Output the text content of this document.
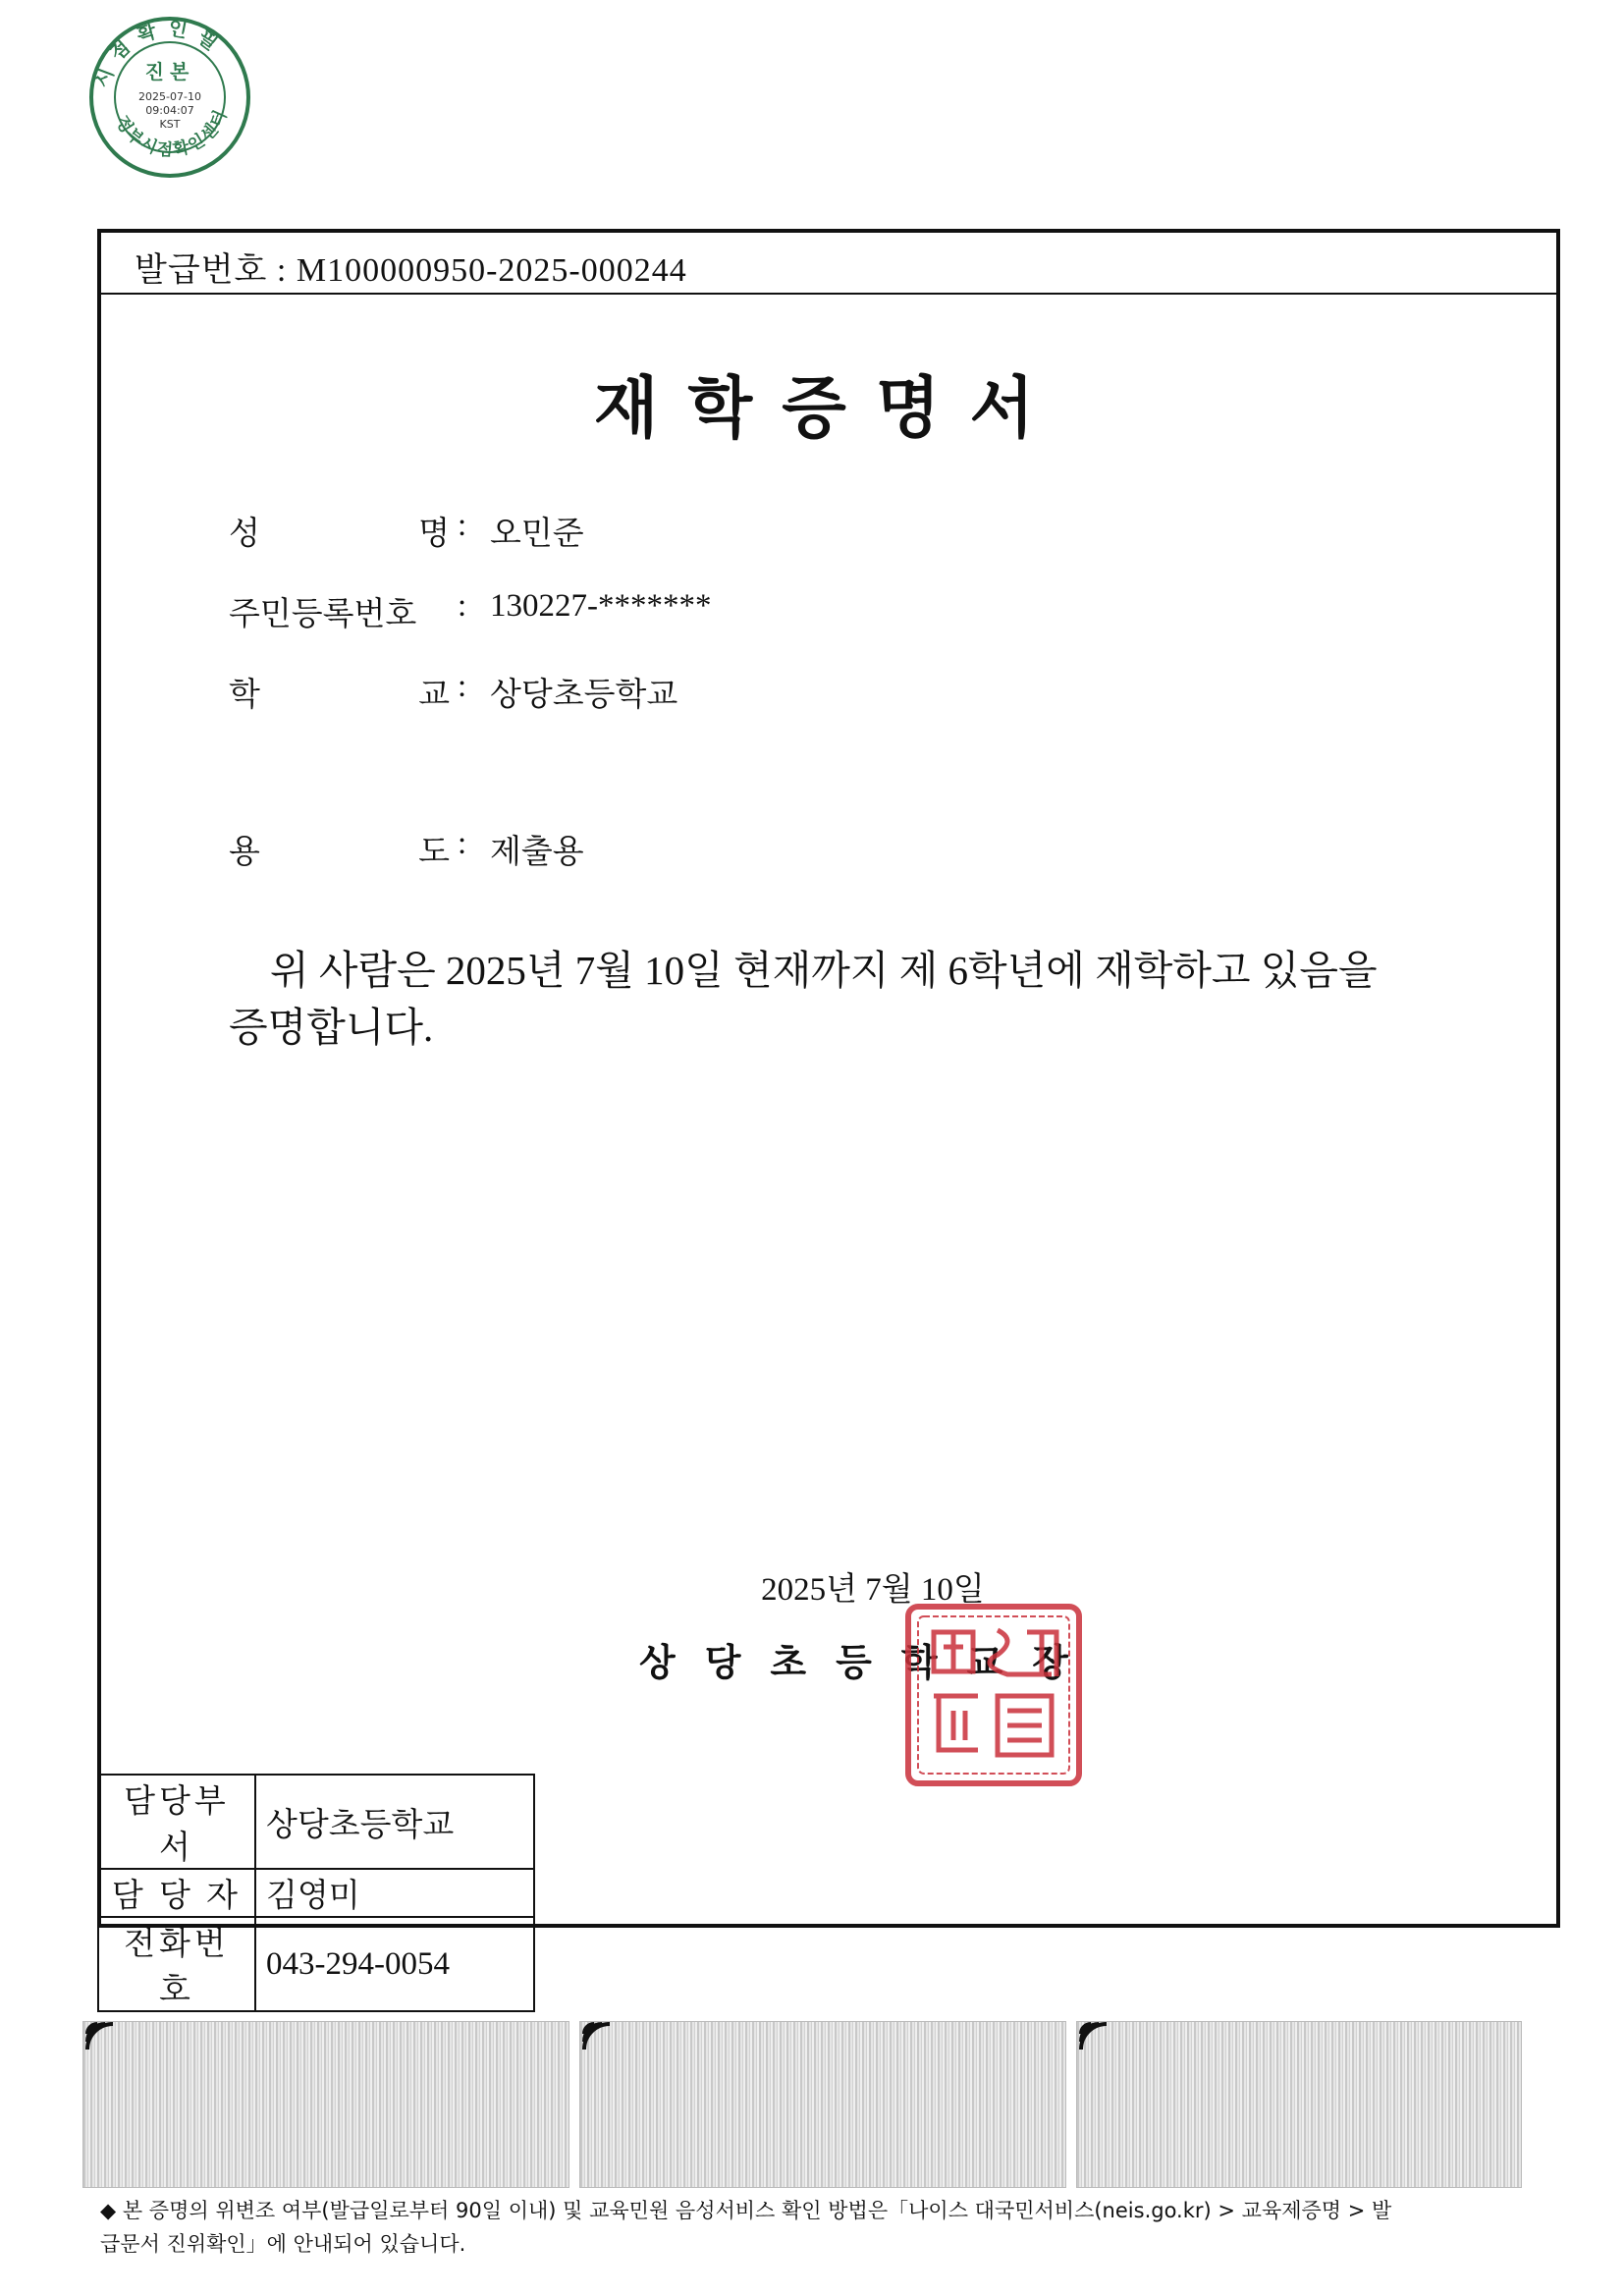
시점확인필
정부시점확인센터
진본
2025-07-10
09:04:07
KST
발급번호 : M100000950-2025-000244
재학증명서
성	명 : 오민준
주민등록번호	: 130227-*******
학	교 : 상당초등학교
용	도 : 제출용
위 사람은 2025년 7월 10일 현재까지 제 6학년에 재학하고 있음을
증명합니다.
2025년 7월 10일
상당초등학교장
담당부서	상당초등학교
담 당 자	김영미
전화번호	043-294-0054
◆ 본 증명의 위변조 여부(발급일로부터 90일 이내) 및 교육민원 음성서비스 확인 방법은「나이스 대국민서비스(neis.go.kr) > 교육제증명 > 발
급문서 진위확인」에 안내되어 있습니다.
